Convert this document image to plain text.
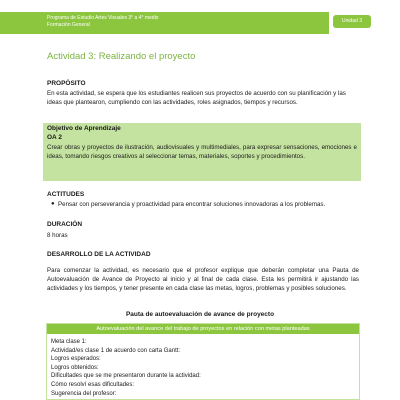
Programa de Estudio Artes Visuales 3° a 4° medio
Formación General
Unidad 3
Actividad 3: Realizando el proyecto
PROPÓSITO

En esta actividad, se espera que los estudiantes realicen sus proyectos de acuerdo con su planificación y las ideas que plantearon, cumpliendo con las actividades, roles asignados, tiempos y recursos.

Objetivo de Aprendizaje

OA 2

Crear obras y proyectos de ilustración, audiovisuales y multimediales, para expresar sensaciones, emociones e ideas, tomando riesgos creativos al seleccionar temas, materiales, soportes y procedimientos.

ACTITUDES
● Pensar con perseverancia y proactividad para encontrar soluciones innovadoras a los problemas.
DURACIÓN

8 horas

DESARROLLO DE LA ACTIVIDAD

Para comenzar la actividad, es necesario que el profesor explique que deberán completar una Pauta de Autoevaluación de Avance de Proyecto al inicio y al final de cada clase. Esta les permitirá ir ajustando las actividades y los tiempos, y tener presente en cada clase las metas, logros, problemas y posibles soluciones.

Pauta de autoevaluación de avance de proyecto

Autoevaluación del avance del trabajo de proyectos en relación con metas planteadas

Meta clase 1:

Actividad/es clase 1 de acuerdo con carta Gantt:

Logros esperados:

Logros obtenidos:

Dificultades que se me presentaron durante la actividad:

Cómo resolví esas dificultades:

Sugerencia del profesor:
